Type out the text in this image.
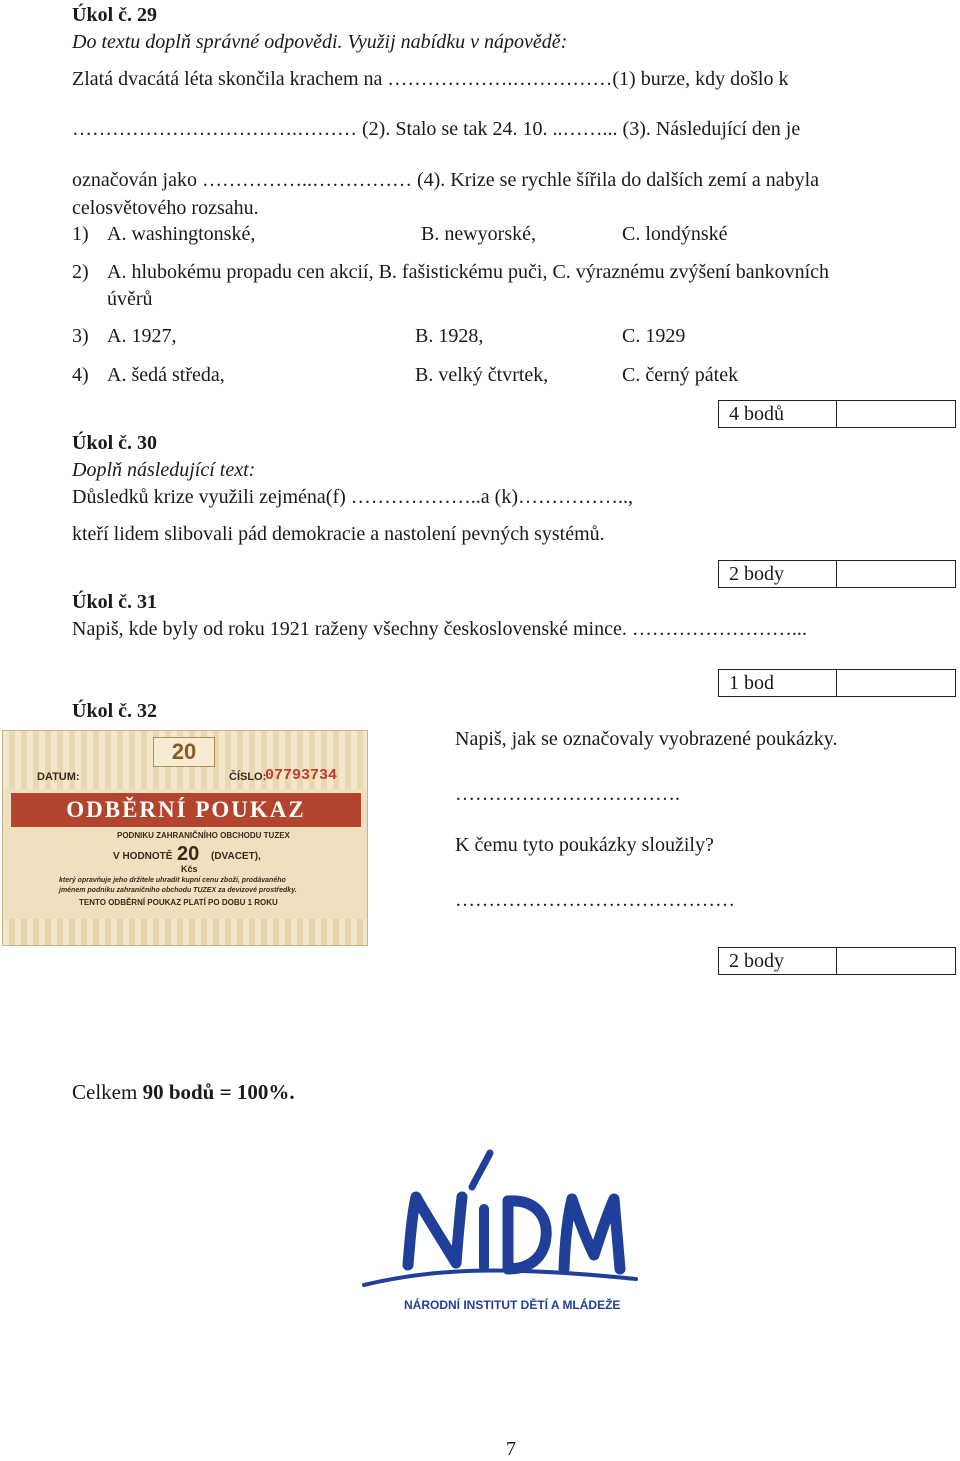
Úkol č. 29
Do textu doplň správné odpovědi. Využij nabídku v nápovědě:
Zlatá dvacátá léta skončila krachem na ……………….……………(1) burze, kdy došlo k
…………………………….……… (2). Stalo se tak 24. 10. ..……... (3). Následující den je
označován jako ……………..…………… (4). Krize se rychle šířila do dalších zemí a nabyla
celosvětového rozsahu.
1) A. washingtonské,	B. newyorské,	C. londýnské
2) A. hlubokému propadu cen akcií, B. fašistickému puči, C. výraznému zvýšení bankovních
úvěrů
3) A. 1927,	B. 1928,	C. 1929
4) A. šedá středa,	B. velký čtvrtek,	C. černý pátek
4 bodů
Úkol č. 30
Doplň následující text:
Důsledků krize využili zejména(f) ………………..a (k)……………..,
kteří lidem slibovali pád demokracie a nastolení pevných systémů.
2 body
Úkol č. 31
Napiš, kde byly od roku 1921 raženy všechny československé mince. ……………………...
1 bod
Úkol č. 32
Napiš, jak se označovaly vyobrazené poukázky.
…………………………….
K čemu tyto poukázky sloužily?
……………………………………
2 body
20
DATUM:	ČÍSLO:
07793734
ODBĚRNÍ POUKAZ
PODNIKU ZAHRANIČNÍHO OBCHODU TUZEX
V HODNOTĚ 20
Kčs
(DVACET),
který opravňuje jeho držitele uhradit kupní cenu zboží, prodávaného
jménem podniku zahraničního obchodu TUZEX za devizové prostředky.
TENTO ODBĚRNÍ POUKAZ PLATÍ PO DOBU 1 ROKU
Celkem 90 bodů = 100%.
NÁRODNÍ INSTITUT DĚTÍ A MLÁDEŽE
7
